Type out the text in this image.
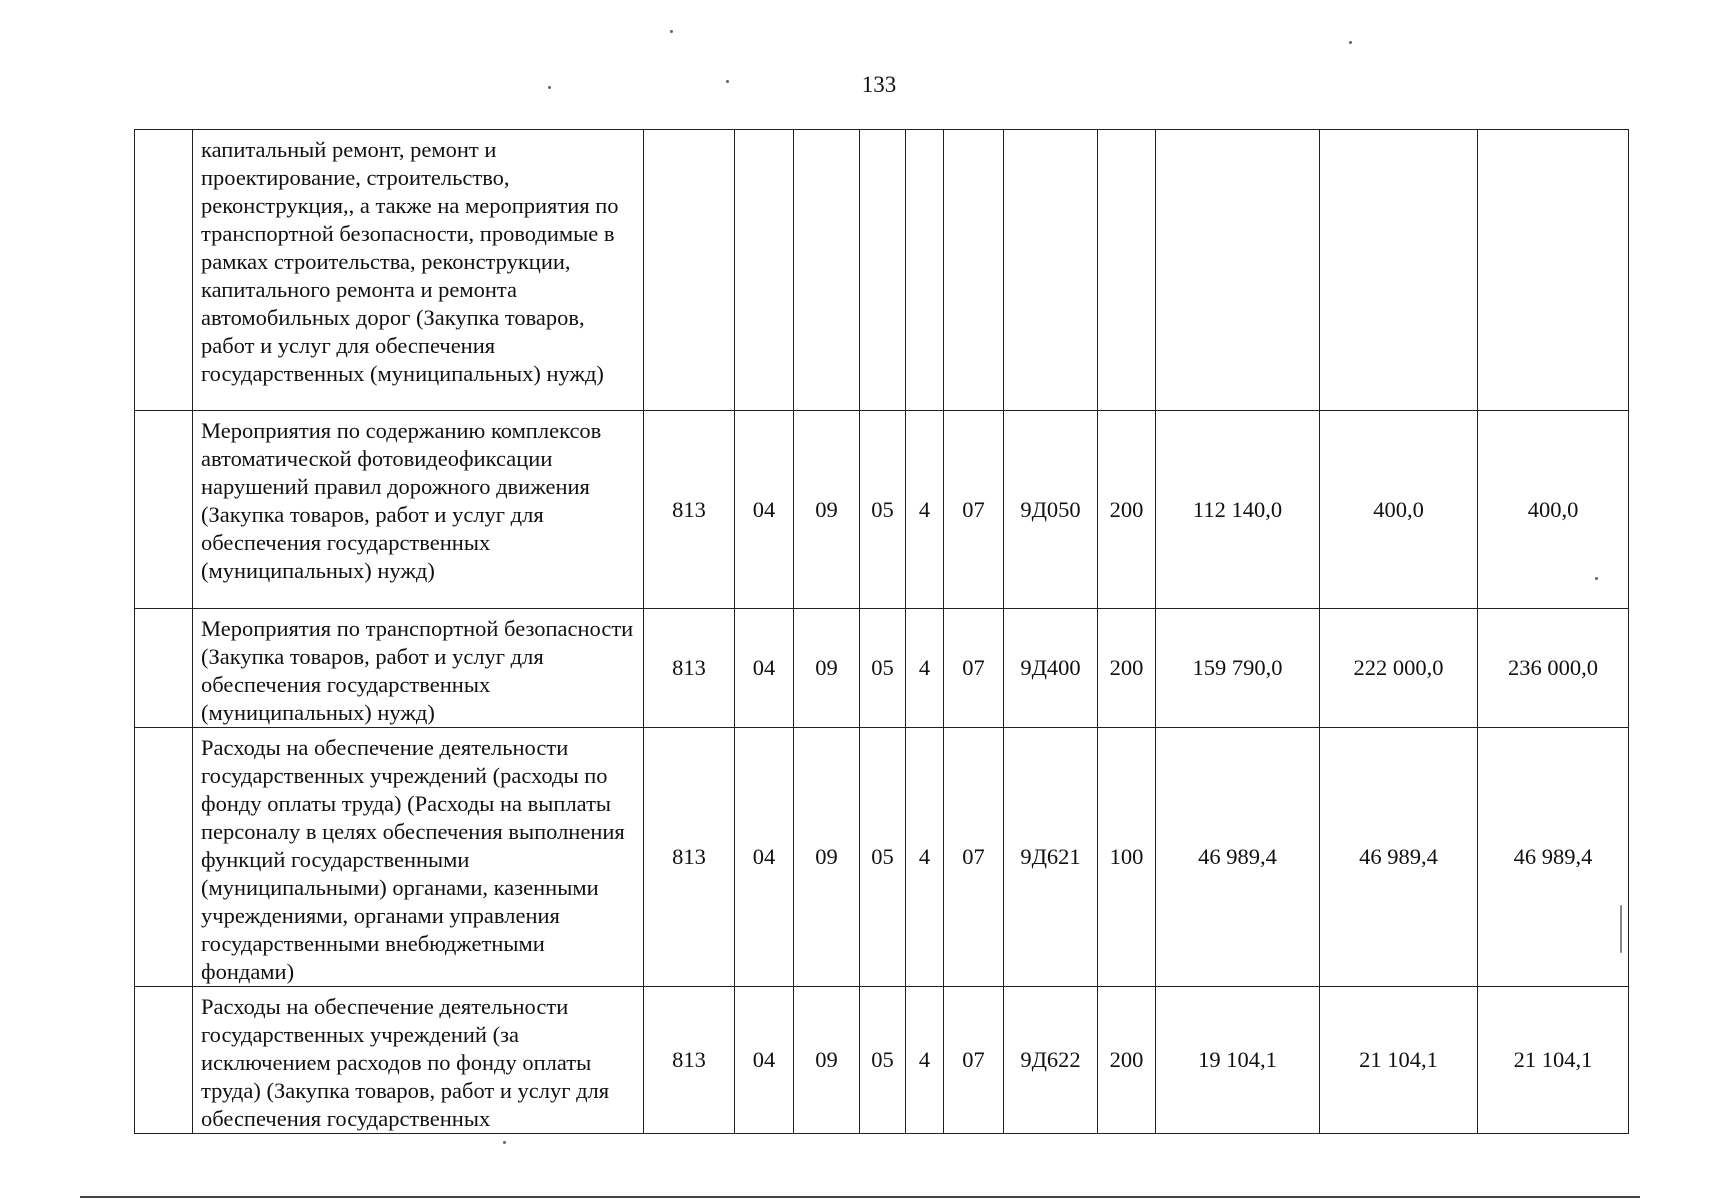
133
	капитальный ремонт, ремонт и проектирование, строительство, реконструкция,, а также на мероприятия по транспортной безопасности, проводимые в рамках строительства, реконструкции, капитального ремонта и ремонта автомобильных дорог (Закупка товаров, работ и услуг для обеспечения государственных (муниципальных) нужд)											
	Мероприятия по содержанию комплексов автоматической фотовидеофиксации нарушений правил дорожного движения (Закупка товаров, работ и услуг для обеспечения государственных (муниципальных) нужд)	813	04	09	05	4	07	9Д050	200	112 140,0	400,0	400,0
	Мероприятия по транспортной безопасности (Закупка товаров, работ и услуг для обеспечения государственных (муниципальных) нужд)	813	04	09	05	4	07	9Д400	200	159 790,0	222 000,0	236 000,0
	Расходы на обеспечение деятельности государственных учреждений (расходы по фонду оплаты труда) (Расходы на выплаты персоналу в целях обеспечения выполнения функций государственными (муниципальными) органами, казенными учреждениями, органами управления государственными внебюджетными фондами)	813	04	09	05	4	07	9Д621	100	46 989,4	46 989,4	46 989,4
	Расходы на обеспечение деятельности государственных учреждений (за исключением расходов по фонду оплаты труда) (Закупка товаров, работ и услуг для обеспечения государственных	813	04	09	05	4	07	9Д622	200	19 104,1	21 104,1	21 104,1
